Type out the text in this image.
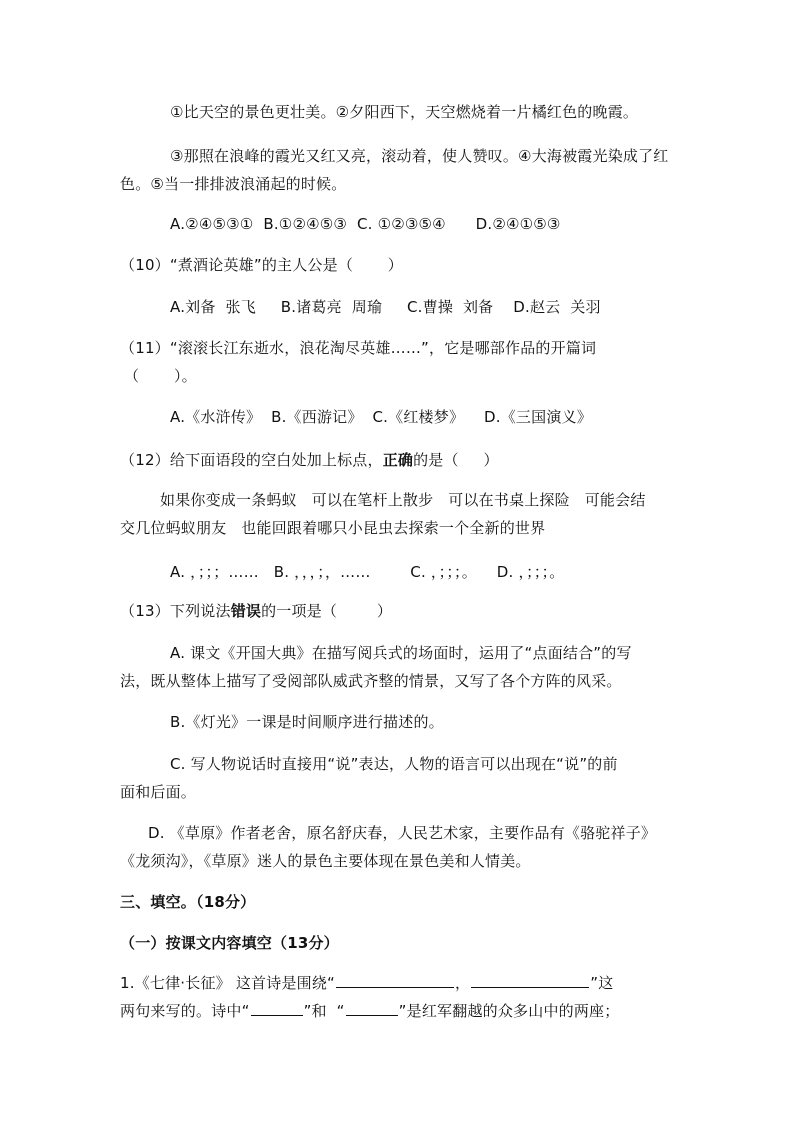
①比天空的景色更壮美。②夕阳西下，天空燃烧着一片橘红色的晚霞。
③那照在浪峰的霞光又红又亮，滚动着，使人赞叹。④大海被霞光染成了红
色。⑤当一排排波浪涌起的时候。
A.②④⑤③①  B.①②④⑤③  C. ①②③⑤④      D.②④①⑤③
（10）“煮酒论英雄”的主人公是（       ）
A.刘备  张飞     B.诸葛亮  周瑜     C.曹操  刘备    D.赵云  关羽
（11）“滚滚长江东逝水，浪花淘尽英雄……”，它是哪部作品的开篇词
（       ）。
A.《水浒传》  B.《西游记》  C.《红楼梦》    D.《三国演义》
（12）给下面语段的空白处加上标点，正确的是（     ）
如果你变成一条蚂蚁   可以在笔杆上散步   可以在书桌上探险   可能会结
交几位蚂蚁朋友   也能回跟着哪只小昆虫去探索一个全新的世界
A. ，；；；……   B. ，，，；，……        C. ，；；；。    D. ，；；；。
（13）下列说法错误的一项是（        ）
A. 课文《开国大典》在描写阅兵式的场面时，运用了“点面结合”的写
法，既从整体上描写了受阅部队威武齐整的情景，又写了各个方阵的风采。
B.《灯光》一课是时间顺序进行描述的。
C. 写人物说话时直接用“说”表达，人物的语言可以出现在“说”的前
面和后面。
D. 《草原》作者老舍，原名舒庆春，人民艺术家，主要作品有《骆驼祥子》
《龙须沟》，《草原》迷人的景色主要体现在景色美和人情美。
三、填空。（18分）
（一）按课文内容填空（13分）
1.《七律·长征》 这首诗是围绕“	，	”这
两句来写的。诗中“	”和  “	”是红军翻越的众多山中的两座；
